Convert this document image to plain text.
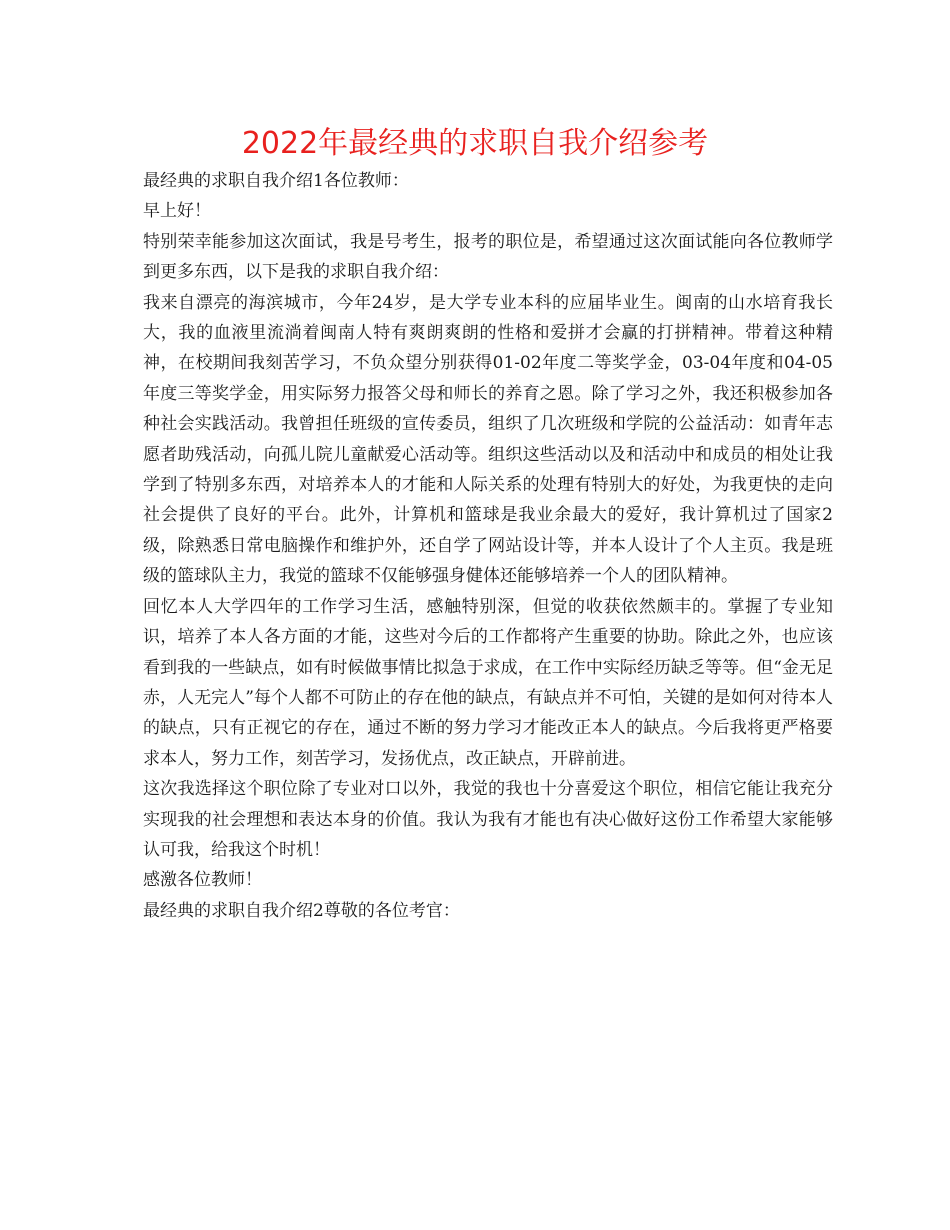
2022年最经典的求职自我介绍参考

最经典的求职自我介绍1各位教师：

早上好！

特别荣幸能参加这次面试，我是号考生，报考的职位是，希望通过这次面试能向各位教师学到更多东西，以下是我的求职自我介绍：

我来自漂亮的海滨城市，今年24岁，是大学专业本科的应届毕业生。闽南的山水培育我长大，我的血液里流淌着闽南人特有爽朗爽朗的性格和爱拼才会赢的打拼精神。带着这种精神，在校期间我刻苦学习，不负众望分别获得01-02年度二等奖学金，03-04年度和04-05年度三等奖学金，用实际努力报答父母和师长的养育之恩。除了学习之外，我还积极参加各种社会实践活动。我曾担任班级的宣传委员，组织了几次班级和学院的公益活动：如青年志愿者助残活动，向孤儿院儿童献爱心活动等。组织这些活动以及和活动中和成员的相处让我学到了特别多东西，对培养本人的才能和人际关系的处理有特别大的好处，为我更快的走向社会提供了良好的平台。此外，计算机和篮球是我业余最大的爱好，我计算机过了国家2级，除熟悉日常电脑操作和维护外，还自学了网站设计等，并本人设计了个人主页。我是班级的篮球队主力，我觉的篮球不仅能够强身健体还能够培养一个人的团队精神。

回忆本人大学四年的工作学习生活，感触特别深，但觉的收获依然颇丰的。掌握了专业知识，培养了本人各方面的才能，这些对今后的工作都将产生重要的协助。除此之外，也应该看到我的一些缺点，如有时候做事情比拟急于求成，在工作中实际经历缺乏等等。但“金无足赤，人无完人”每个人都不可防止的存在他的缺点，有缺点并不可怕，关键的是如何对待本人的缺点，只有正视它的存在，通过不断的努力学习才能改正本人的缺点。今后我将更严格要求本人，努力工作，刻苦学习，发扬优点，改正缺点，开辟前进。

这次我选择这个职位除了专业对口以外，我觉的我也十分喜爱这个职位，相信它能让我充分实现我的社会理想和表达本身的价值。我认为我有才能也有决心做好这份工作希望大家能够认可我，给我这个时机！

感激各位教师！

最经典的求职自我介绍2尊敬的各位考官：
